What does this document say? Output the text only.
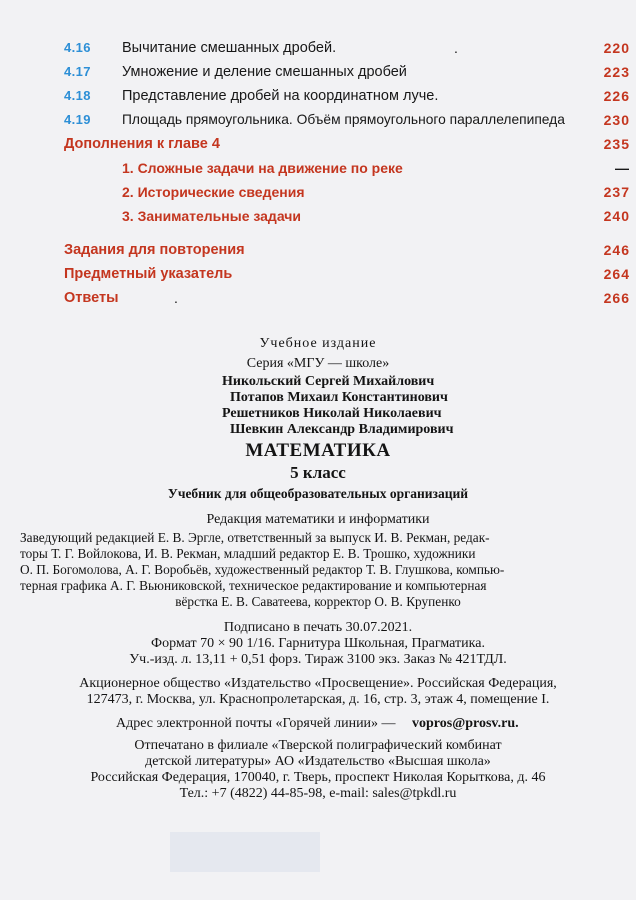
4.16 Вычитание смешанных дробей.	.	220
4.17 Умножение и деление смешанных дробей	223
4.18 Представление дробей на координатном луче.	226
4.19 Площадь прямоугольника. Объём прямоугольного параллелепипеда	230
Дополнения к главе 4	235
1. Сложные задачи на движение по реке	—
2. Исторические сведения	237
3. Занимательные задачи	240
Задания для повторения	246
Предметный указатель	264
Ответы	.	266
Учебное издание
Серия «МГУ — школе»
Никольский Сергей Михайлович
Потапов Михаил Константинович
Решетников Николай Николаевич
Шевкин Александр Владимирович
МАТЕМАТИКА
5 класс
Учебник для общеобразовательных организаций
Редакция математики и информатики
Заведующий редакцией Е. В. Эргле, ответственный за выпуск И. В. Рекман, редак-
торы Т. Г. Войлокова, И. В. Рекман, младший редактор Е. В. Трошко, художники
О. П. Богомолова, А. Г. Воробьёв, художественный редактор Т. В. Глушкова, компью-
терная графика А. Г. Вьюниковской, техническое редактирование и компьютерная
вёрстка Е. В. Саватеева, корректор О. В. Крупенко
Подписано в печать 30.07.2021.
Формат 70 × 90 1/16. Гарнитура Школьная, Прагматика.
Уч.-изд. л. 13,11 + 0,51 форз. Тираж 3100 экз. Заказ № 421ТДЛ.
Акционерное общество «Издательство «Просвещение». Российская Федерация,
127473, г. Москва, ул. Краснопролетарская, д. 16, стр. 3, этаж 4, помещение I.
Адрес электронной почты «Горячей линии» — vopros@prosv.ru.
Отпечатано в филиале «Тверской полиграфический комбинат
детской литературы» АО «Издательство «Высшая школа»
Российская Федерация, 170040, г. Тверь, проспект Николая Корыткова, д. 46
Тел.: +7 (4822) 44-85-98, e-mail: sales@tpkdl.ru
